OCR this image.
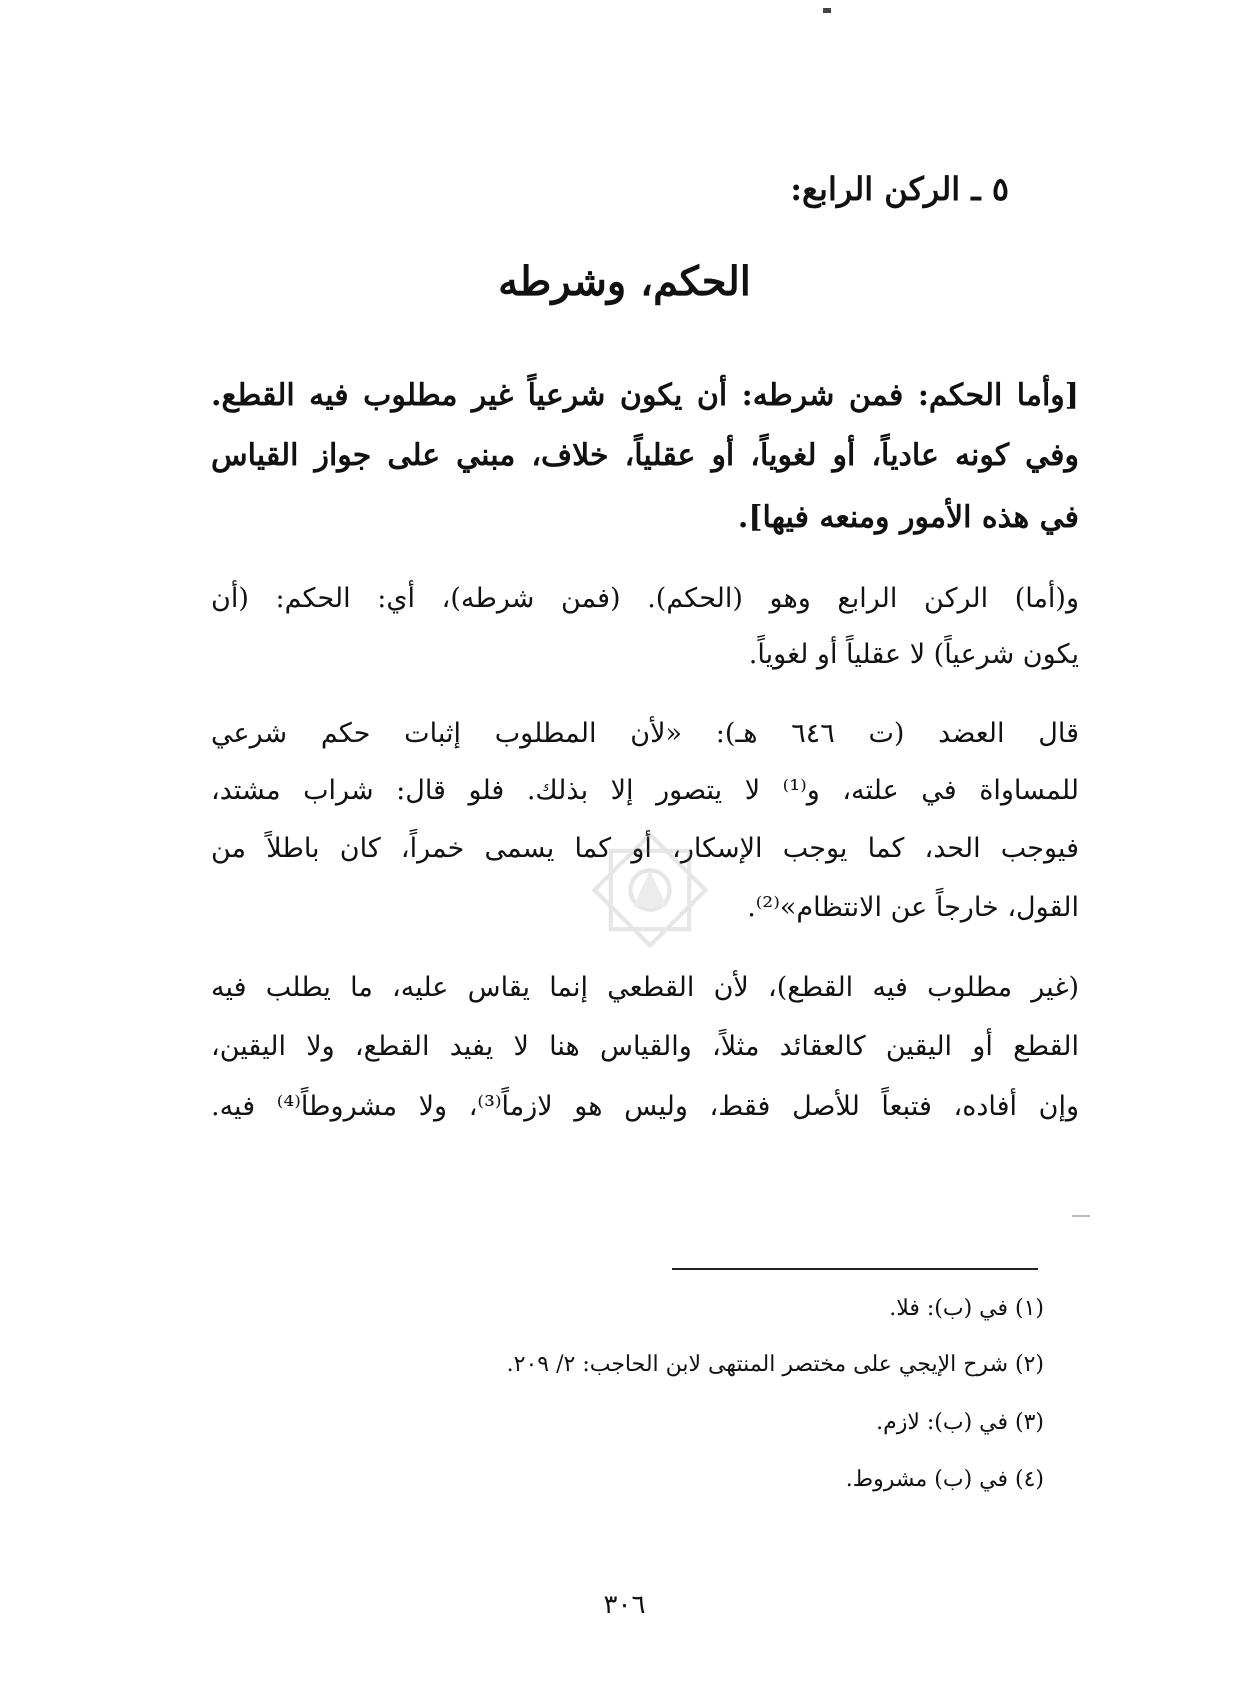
٥ ـ الركن الرابع:
الحكم، وشرطه
[وأما الحكم: فمن شرطه: أن يكون شرعياً غير مطلوب فيه القطع.
وفي كونه عادياً، أو لغوياً، أو عقلياً، خلاف، مبني على جواز القياس
في هذه الأمور ومنعه فيها].
و(أما) الركن الرابع وهو (الحكم). (فمن شرطه)، أي: الحكم: (أن
يكون شرعياً) لا عقلياً أو لغوياً.
قال العضد (ت ٦٤٦ هـ): «لأن المطلوب إثبات حكم شرعي
للمساواة في علته، و⁽¹⁾ لا يتصور إلا بذلك. فلو قال: شراب مشتد،
فيوجب الحد، كما يوجب الإسكار، أو كما يسمى خمراً، كان باطلاً من
القول، خارجاً عن الانتظام»⁽²⁾.
(غير مطلوب فيه القطع)، لأن القطعي إنما يقاس عليه، ما يطلب فيه
القطع أو اليقين كالعقائد مثلاً، والقياس هنا لا يفيد القطع، ولا اليقين،
وإن أفاده، فتبعاً للأصل فقط، وليس هو لازماً⁽³⁾، ولا مشروطاً⁽⁴⁾ فيه.
(١) في (ب): فلا.
(٢) شرح الإيجي على مختصر المنتهى لابن الحاجب: ٢/ ٢٠٩.
(٣) في (ب): لازم.
(٤) في (ب) مشروط.
٣٠٦
